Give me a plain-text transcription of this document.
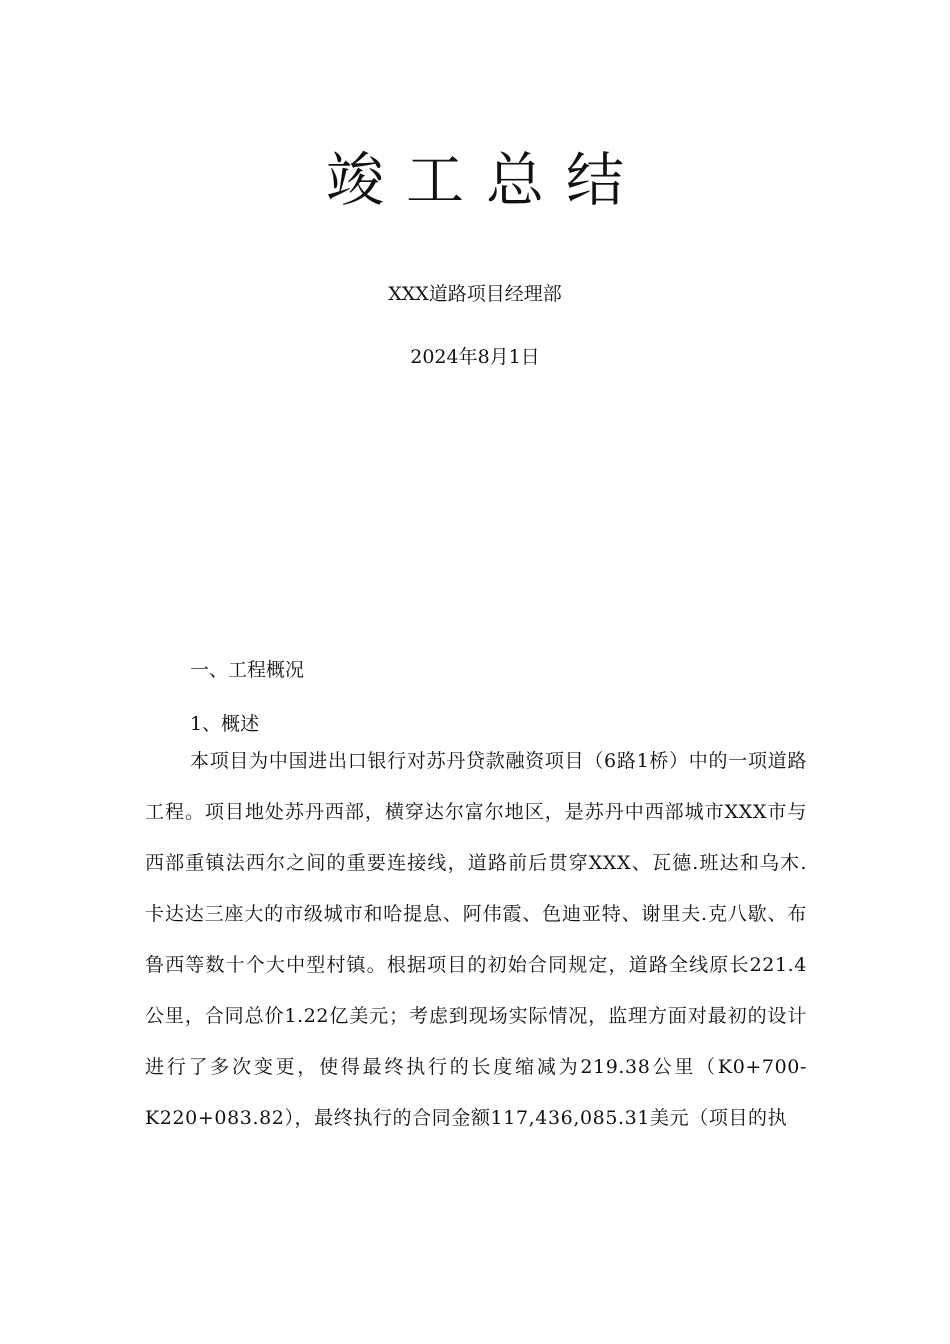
竣工总结
XXX道路项目经理部
2024年8月1日
一、工程概况
1、概述

本项目为中国进出口银行对苏丹贷款融资项目（6路1桥）中的一项道路工程。项目地处苏丹西部，横穿达尔富尔地区，是苏丹中西部城市XXX市与西部重镇法西尔之间的重要连接线，道路前后贯穿XXX、瓦德.班达和乌木.卡达达三座大的市级城市和哈提息、阿伟霞、色迪亚特、谢里夫.克八歇、布鲁西等数十个大中型村镇。根据项目的初始合同规定，道路全线原长221.4公里，合同总价1.22亿美元；考虑到现场实际情况，监理方面对最初的设计进行了多次变更，使得最终执行的长度缩减为219.38公里（K0+700-K220+083.82），最终执行的合同金额117,436,085.31美元（项目的执
